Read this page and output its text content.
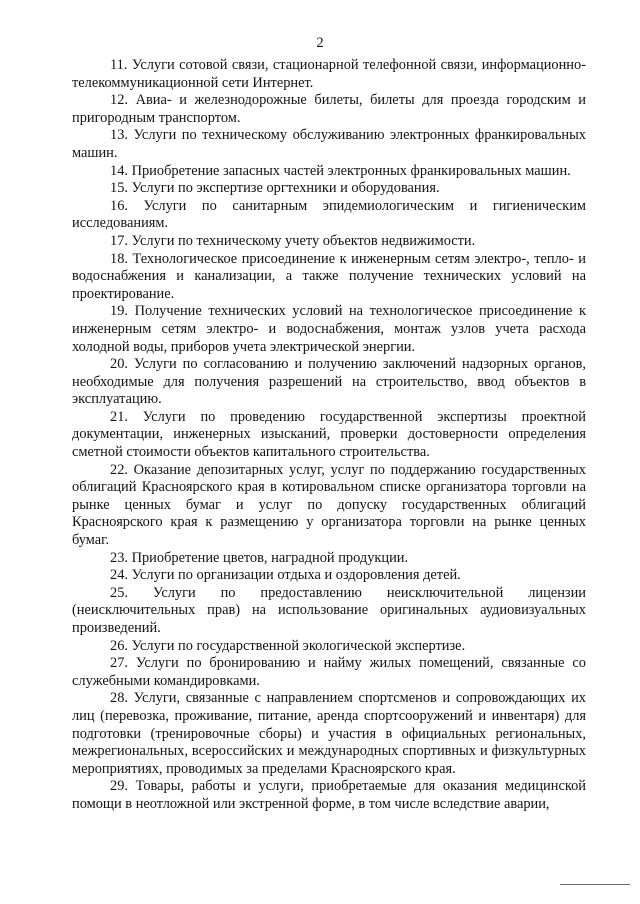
2

11. Услуги сотовой связи, стационарной телефонной связи, информационно-телекоммуникационной сети Интернет.

12. Авиа- и железнодорожные билеты, билеты для проезда городским и пригородным транспортом.

13. Услуги по техническому обслуживанию электронных франкировальных машин.

14. Приобретение запасных частей электронных франкировальных машин.

15. Услуги по экспертизе оргтехники и оборудования.

16. Услуги по санитарным эпидемиологическим и гигиеническим исследованиям.

17. Услуги по техническому учету объектов недвижимости.

18. Технологическое присоединение к инженерным сетям электро-, тепло- и водоснабжения и канализации, а также получение технических условий на проектирование.

19. Получение технических условий на технологическое присоединение к инженерным сетям электро- и водоснабжения, монтаж узлов учета расхода холодной воды, приборов учета электрической энергии.

20. Услуги по согласованию и получению заключений надзорных органов, необходимые для получения разрешений на строительство, ввод объектов в эксплуатацию.

21. Услуги по проведению государственной экспертизы проектной документации, инженерных изысканий, проверки достоверности определения сметной стоимости объектов капитального строительства.

22. Оказание депозитарных услуг, услуг по поддержанию государственных облигаций Красноярского края в котировальном списке организатора торговли на рынке ценных бумаг и услуг по допуску государственных облигаций Красноярского края к размещению у организатора торговли на рынке ценных бумаг.

23. Приобретение цветов, наградной продукции.

24. Услуги по организации отдыха и оздоровления детей.

25. Услуги по предоставлению неисключительной лицензии (неисключительных прав) на использование оригинальных аудиовизуальных произведений.

26. Услуги по государственной экологической экспертизе.

27. Услуги по бронированию и найму жилых помещений, связанные со служебными командировками.

28. Услуги, связанные с направлением спортсменов и сопровождающих их лиц (перевозка, проживание, питание, аренда спортсооружений и инвентаря) для подготовки (тренировочные сборы) и участия в официальных региональных, межрегиональных, всероссийских и международных спортивных и физкультурных мероприятиях, проводимых за пределами Красноярского края.

29. Товары, работы и услуги, приобретаемые для оказания медицинской помощи в неотложной или экстренной форме, в том числе вследствие аварии,
